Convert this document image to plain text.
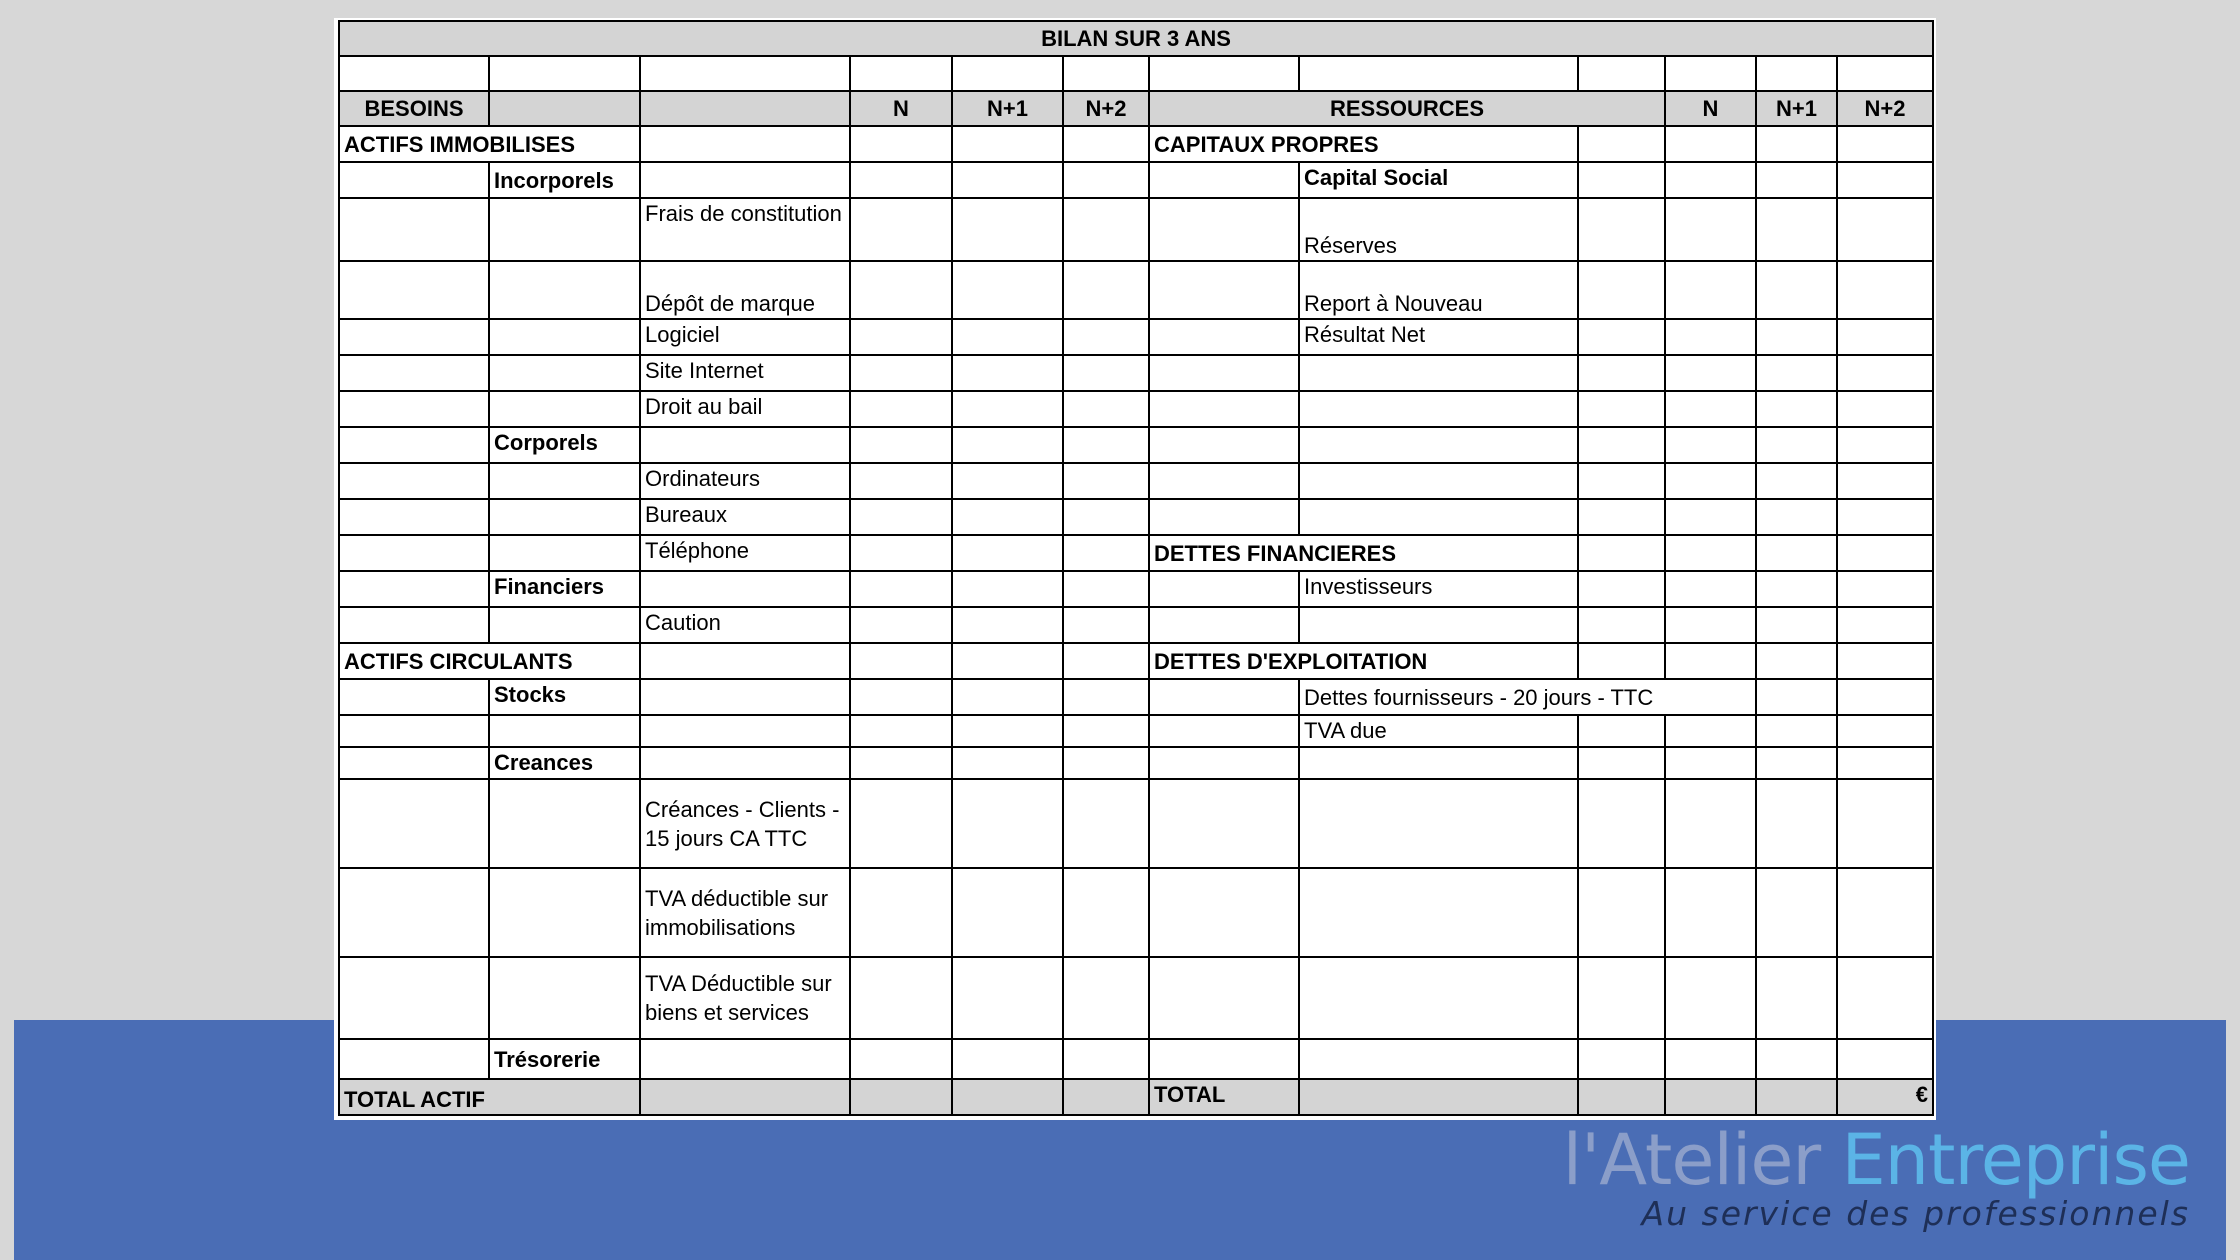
BILAN SUR 3 ANS											

BESOINS			N	N+1	N+2	RESSOURCES			N	N+1	N+2
ACTIFS IMMOBILISES						CAPITAUX PROPRES					
	Incorporels						Capital Social				
		Frais de constitution					Réserves				
		Dépôt de marque					Report à Nouveau				
		Logiciel					Résultat Net				
		Site Internet									
		Droit au bail									
	Corporels										
		Ordinateurs									
		Bureaux									
		Téléphone				DETTES FINANCIERES					
	Financiers						Investisseurs				
		Caution									
ACTIFS CIRCULANTS						DETTES D'EXPLOITATION					
	Stocks						Dettes fournisseurs - 20 jours - TTC				
							TVA due				
	Creances										
		Créances - Clients - 15 jours CA TTC									
		TVA déductible sur immobilisations									
		TVA Déductible sur biens et services									
	Trésorerie										
TOTAL ACTIF						TOTAL					€
l'Atelier Entreprise
Au service des professionnels
